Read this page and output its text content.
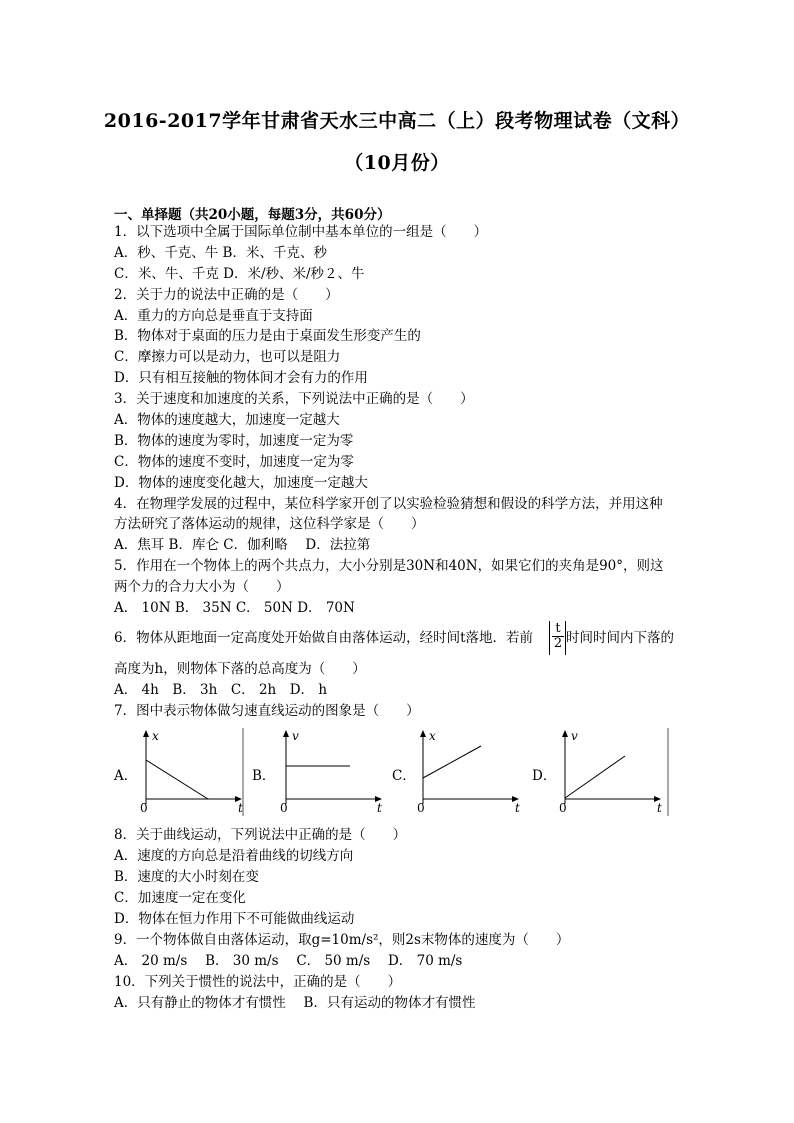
2016-2017学年甘肃省天水三中高二（上）段考物理试卷（文科）
（10月份）
一、单择题（共20小题，每题3分，共60分）
1．以下选项中全属于国际单位制中基本单位的一组是（　　）
A．秒、千克、牛 B．米、千克、秒
C．米、牛、千克 D．米/秒、米/秒２、牛
2．关于力的说法中正确的是（　　）
A．重力的方向总是垂直于支持面
B．物体对于桌面的压力是由于桌面发生形变产生的
C．摩擦力可以是动力，也可以是阻力
D．只有相互接触的物体间才会有力的作用
3．关于速度和加速度的关系，下列说法中正确的是（　　）
A．物体的速度越大，加速度一定越大
B．物体的速度为零时，加速度一定为零
C．物体的速度不变时，加速度一定为零
D．物体的速度变化越大，加速度一定越大
4．在物理学发展的过程中，某位科学家开创了以实验检验猜想和假设的科学方法，并用这种
方法研究了落体运动的规律，这位科学家是（　　）
A．焦耳 B．库仑 C．伽利略　 D．法拉第
5．作用在一个物体上的两个共点力，大小分别是30N和40N，如果它们的夹角是90°，则这
两个力的合力大小为（　　）
A． 10N B． 35N C． 50N D． 70N
6．物体从距地面一定高度处开始做自由落体运动，经时间t落地．若前 $\frac{t}{2}$ 时间时间内下落的
高度为h，则物体下落的总高度为（　　）
A． 4h　B． 3h　C． 2h　D． h
7．图中表示物体做匀速直线运动的图象是（　　）
A．
x
t
0
B．
v
t
0
C．
x
t
0
D．
v
t
0
8．关于曲线运动，下列说法中正确的是（　　）
A．速度的方向总是沿着曲线的切线方向
B．速度的大小时刻在变
C．加速度一定在变化
D．物体在恒力作用下不可能做曲线运动
9．一个物体做自由落体运动，取g=10m/s²，则2s末物体的速度为（　　）
A． 20 m/s　 B． 30 m/s　 C． 50 m/s　 D． 70 m/s
10．下列关于惯性的说法中，正确的是（　　）
A．只有静止的物体才有惯性　 B．只有运动的物体才有惯性
